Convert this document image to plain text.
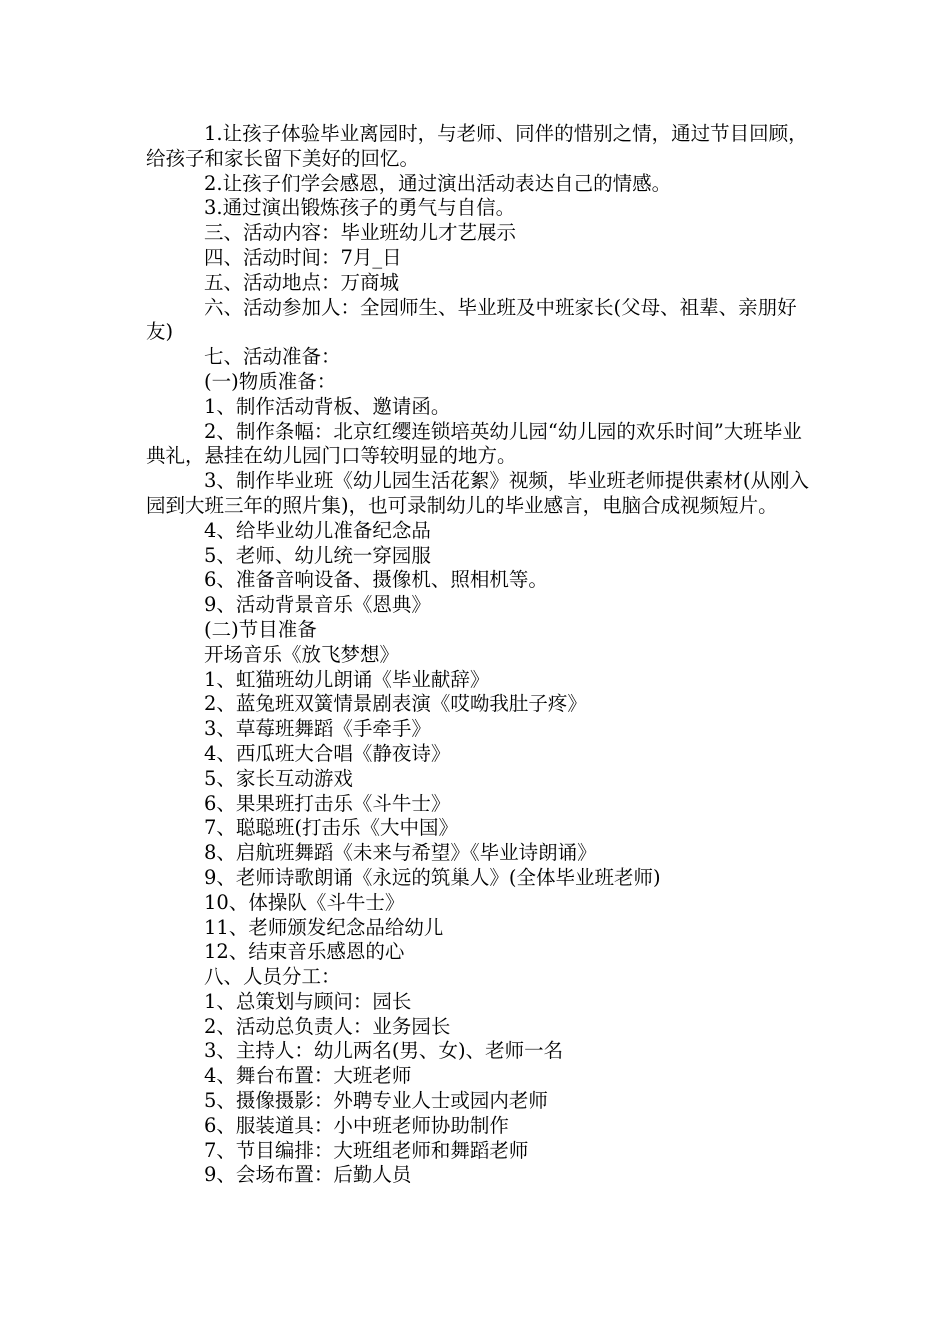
1.让孩子体验毕业离园时，与老师、同伴的惜别之情，通过节目回顾，给孩子和家长留下美好的回忆。

2.让孩子们学会感恩，通过演出活动表达自己的情感。

3.通过演出锻炼孩子的勇气与自信。

三、活动内容：毕业班幼儿才艺展示

四、活动时间：7月_日

五、活动地点：万商城

六、活动参加人：全园师生、毕业班及中班家长(父母、祖辈、亲朋好友)

七、活动准备：

(一)物质准备：

1、制作活动背板、邀请函。

2、制作条幅：北京红缨连锁培英幼儿园“幼儿园的欢乐时间”大班毕业典礼，悬挂在幼儿园门口等较明显的地方。

3、制作毕业班《幼儿园生活花絮》视频，毕业班老师提供素材(从刚入园到大班三年的照片集)，也可录制幼儿的毕业感言，电脑合成视频短片。

4、给毕业幼儿准备纪念品

5、老师、幼儿统一穿园服

6、准备音响设备、摄像机、照相机等。

9、活动背景音乐《恩典》

(二)节目准备

开场音乐《放飞梦想》

1、虹猫班幼儿朗诵《毕业献辞》

2、蓝兔班双簧情景剧表演《哎呦我肚子疼》

3、草莓班舞蹈《手牵手》

4、西瓜班大合唱《静夜诗》

5、家长互动游戏

6、果果班打击乐《斗牛士》

7、聪聪班(打击乐《大中国》

8、启航班舞蹈《未来与希望》《毕业诗朗诵》

9、老师诗歌朗诵《永远的筑巢人》(全体毕业班老师)

10、体操队《斗牛士》

11、老师颁发纪念品给幼儿

12、结束音乐感恩的心

八、人员分工：

1、总策划与顾问：园长

2、活动总负责人：业务园长

3、主持人：幼儿两名(男、女)、老师一名

4、舞台布置：大班老师

5、摄像摄影：外聘专业人士或园内老师

6、服装道具：小中班老师协助制作

7、节目编排：大班组老师和舞蹈老师

9、会场布置：后勤人员
